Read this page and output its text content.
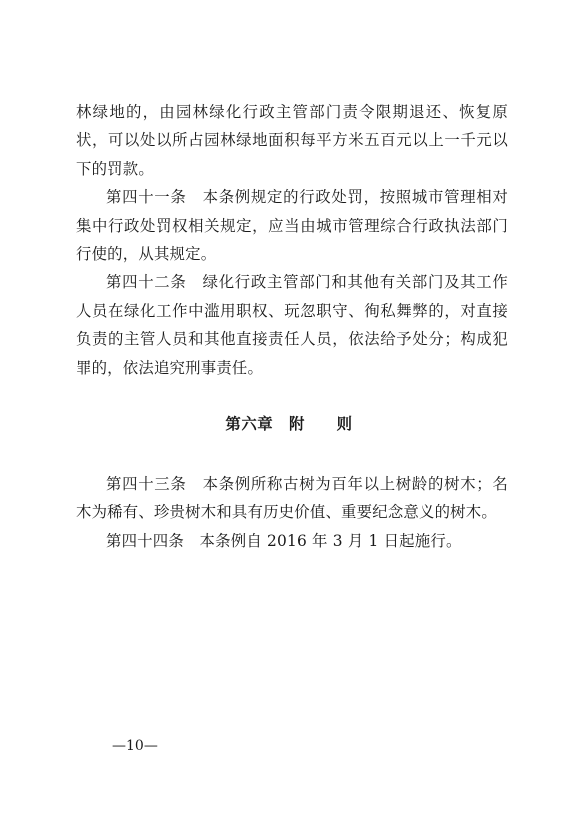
林绿地的，由园林绿化行政主管部门责令限期退还、恢复原状，可以处以所占园林绿地面积每平方米五百元以上一千元以下的罚款。

第四十一条　本条例规定的行政处罚，按照城市管理相对集中行政处罚权相关规定，应当由城市管理综合行政执法部门行使的，从其规定。

第四十二条　绿化行政主管部门和其他有关部门及其工作人员在绿化工作中滥用职权、玩忽职守、徇私舞弊的，对直接负责的主管人员和其他直接责任人员，依法给予处分；构成犯罪的，依法追究刑事责任。

第六章　附　　则

第四十三条　本条例所称古树为百年以上树龄的树木；名木为稀有、珍贵树木和具有历史价值、重要纪念意义的树木。

第四十四条　本条例自 2016 年 3 月 1 日起施行。

—10—
